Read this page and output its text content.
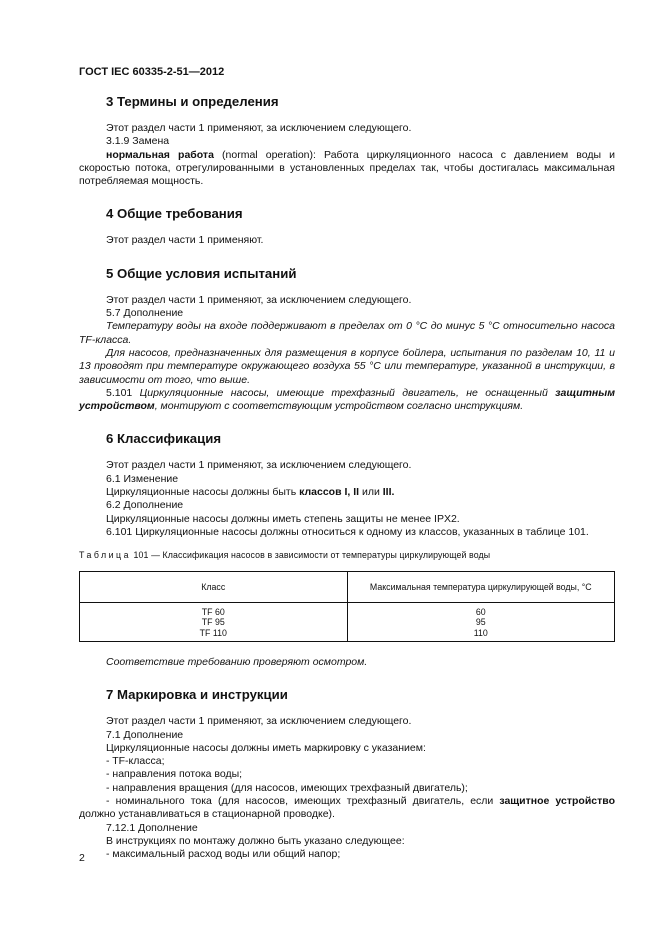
ГОСТ IEC 60335-2-51—2012

3 Термины и определения

Этот раздел части 1 применяют, за исключением следующего.

3.1.9 Замена

нормальная работа (normal operation): Работа циркуляционного насоса с давлением воды и скоростью потока, отрегулированными в установленных пределах так, чтобы достигалась максимальная потребляемая мощность.

4 Общие требования

Этот раздел части 1 применяют.

5 Общие условия испытаний

Этот раздел части 1 применяют, за исключением следующего.

5.7 Дополнение

Температуру воды на входе поддерживают в пределах от 0 °С до минус 5 °С относительно насоса TF-класса.

Для насосов, предназначенных для размещения в корпусе бойлера, испытания по разделам 10, 11 и 13 проводят при температуре окружающего воздуха 55 °С или температуре, указанной в инструкции, в зависимости от того, что выше.

5.101 Циркуляционные насосы, имеющие трехфазный двигатель, не оснащенный защитным устройством, монтируют с соответствующим устройством согласно инструкциям.

6 Классификация

Этот раздел части 1 применяют, за исключением следующего.

6.1 Изменение

Циркуляционные насосы должны быть классов I, II или III.

6.2 Дополнение

Циркуляционные насосы должны иметь степень защиты не менее IPX2.

6.101 Циркуляционные насосы должны относиться к одному из классов, указанных в таблице 101.

Таблица 101 — Классификация насосов в зависимости от температуры циркулирующей воды

Класс	Максимальная температура циркулирующей воды, °С
TF 60	60
TF 95	95
TF 110	110

Соответствие требованию проверяют осмотром.

7 Маркировка и инструкции

Этот раздел части 1 применяют, за исключением следующего.

7.1 Дополнение

Циркуляционные насосы должны иметь маркировку с указанием:

- TF-класса;

- направления потока воды;

- направления вращения (для насосов, имеющих трехфазный двигатель);

- номинального тока (для насосов, имеющих трехфазный двигатель, если защитное устройство должно устанавливаться в стационарной проводке).

7.12.1 Дополнение

В инструкциях по монтажу должно быть указано следующее:

- максимальный расход воды или общий напор;

2
